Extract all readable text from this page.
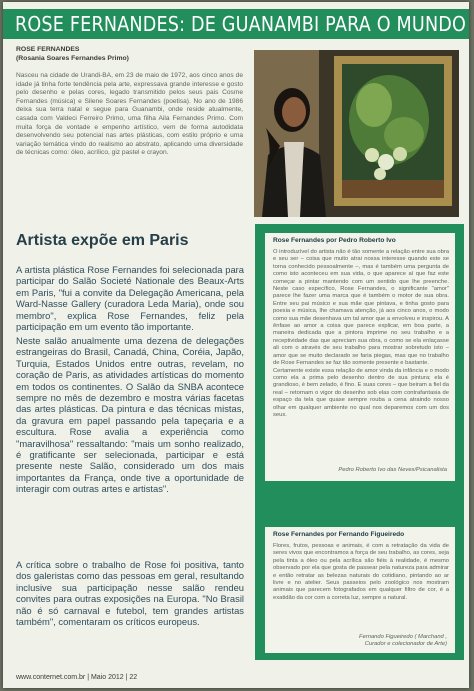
ROSE FERNANDES: DE GUANAMBI PARA O MUNDO
ROSE FERNANDES
(Rosania Soares Fernandes Primo)
Nasceu na cidade de Urandi-BA, em 23 de maio de 1972, aos cinco anos de idade já tinha forte tendência pela arte, expressava grande interesse e gosto pelo desenho e pelas cores, legado transmitido pelos seus pais Cosme Fernandes (música) e Silene Soares Fernandes (poetisa). No ano de 1986 deixa sua terra natal e segue para Guanambi, onde reside atualmente, casada com Valdeci Ferreiro Primo, uma filha Aila Fernandes Primo. Com muita força de vontade e empenho artístico, vem de forma autodidata desenvolvendo seu potencial nas artes plásticas, com estilo próprio e uma variação temática vindo do realismo ao abstrato, aplicando uma diversidade de técnicas como: óleo, acrílico, giz pastel e crayon.
Artista expõe em Paris

A artista plástica Rose Fernandes foi selecionada para participar do Salão Societé Nationale des Beaux-Arts em Paris, "fui a convite da Delegação Americana, pela Ward-Nasse Gallery (curadora Leda Maria), onde sou membro", explica Rose Fernandes, feliz pela participação em um evento tão importante.

Neste salão anualmente uma dezena de delegações estrangeiras do Brasil, Canadá, China, Coréia, Japão, Turquia, Estados Unidos entre outras, revelam, no coração de Paris, as atividades artísticas do momento em todos os continentes. O Salão da SNBA acontece sempre no mês de dezembro e mostra várias facetas das artes plásticas. Da pintura e das técnicas mistas, da gravura em papel passando pela tapeçaria e a escultura. Rose avalia a experiência como "maravilhosa" ressaltando: "mais um sonho realizado, é gratificante ser selecionada, participar e está presente neste Salão, considerado um dos mais importantes da França, onde tive a oportunidade de interagir com outras artes e artistas".

A crítica sobre o trabalho de Rose foi positiva, tanto dos galeristas como das pessoas em geral, resultando inclusive sua participação nesse salão rendeu convites para outras exposições na Europa. "No Brasil não é só carnaval e futebol, tem grandes artistas também", comentaram os críticos europeus.

Rose Fernandes por Pedro Roberto Ivo

O introduzível do artista não é tão somente a relação entre sua obra e seu ser – coisa que muito atrai nossa interesse quando este se torna conhecido pessoalmente –, mas é também uma pergunta de como isto aconteceu em sua vida, o que aparece aí que faz este começar a pintar mantendo com um sentido que lhe preenche. Neste caso específico, Rose Fernandes, o significante "amor" parece lhe fazer uma marca que é também o motor de sua obra. Entre seu pai músico e sua mãe que pintava, e tinha gosto para poesia e música, lhe chamava atenção, já aos cinco anos, o modo como sua mãe desenhava um tal amor que a envolveu e inspirou. A ênfase ao amor a coisa que parece explicar, em boa parte, a maneira dedicada que a pintora imprime no seu trabalho e a receptividade das que apreciam sua obra, o como se ela enlaçasse ali com o através de seu trabalho para mostrar sobretudo isto – amor que se muito declarado se faria piegas, mas que no trabalho de Rose Fernandes se faz tão somente presente e bastante.

Certamente existe essa relação de amor vinda da infância e o modo como ela a prima pelo desenho dentro de sua pintura; ela é grandioso, é bem zelado, é fino. E suas cores – que beiram a fiel da real – retornam o vigor do desenho sob elas com contrafantasia de espaço da tela que quase sempre rouba a cena atraindo nosso olhar em qualquer ambiente no qual nos deparemos com um dos seus.

Pedro Roberto Ivo das Neves/Psicanalista
Rose Fernandes por Fernando Figueiredo

Flores, frutos, pessoas e animais, é com a retratação da vida de seres vivos que encontramos a força de seu trabalho, as cores, seja pela tinta a óleo ou pela acrílica são fiéis à realidade, é mesmo observado por ela que gosta de passear pela natureza para admirar e então retratar as belezas naturais do cotidiano, pintando ao ar livre e no atelier. Seus passeios pelo zoológico nos mostram animais que parecem fotografados em qualquer filtro de cor, é a exatidão da cor com a correta luz, sempre a natural.

Fernando Figueiredo ( Marchand , Curador e colecionador de Arte)
www.conternet.com.br | Maio 2012 | 22
